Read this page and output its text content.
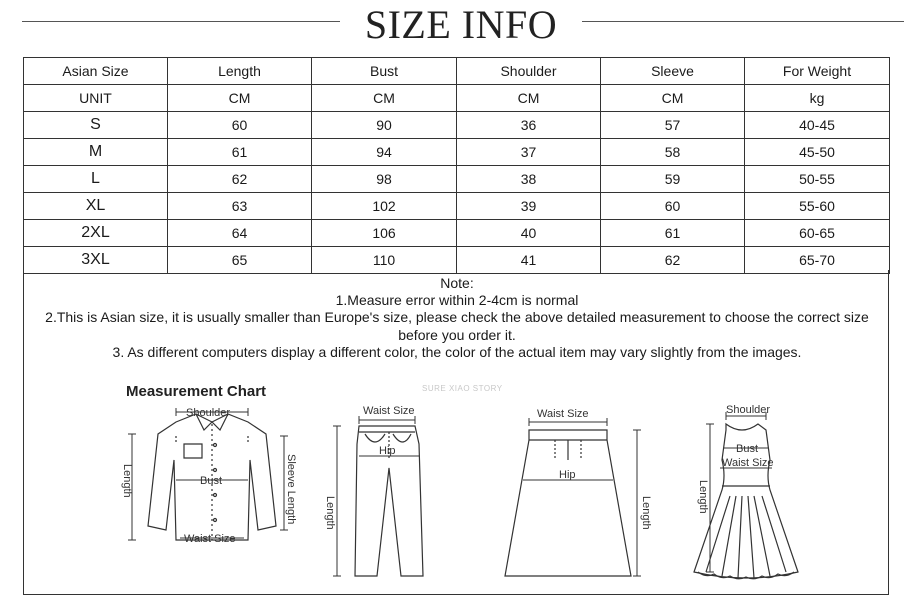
SIZE INFO
Asian Size	Length	Bust	Shoulder	Sleeve	For Weight
UNIT	CM	CM	CM	CM	kg
S	60	90	36	57	40-45
M	61	94	37	58	45-50
L	62	98	38	59	50-55
XL	63	102	39	60	55-60
2XL	64	106	40	61	60-65
3XL	65	110	41	62	65-70
Note:
1.Measure error within 2-4cm is normal
2.This is Asian size, it is usually smaller than Europe's size, please check the above detailed measurement to choose the correct size
before you order it.
3. As different computers display a different color, the color of the actual item may vary slightly from the images.
Measurement Chart	SURE XIAO STORY
Shoulder
Bust
Waist Size
Length	Sleeve Length
Waist Size
Hip
Length
Waist Size
Hip
Length
Shoulder
Bust
Waist Size
Length
